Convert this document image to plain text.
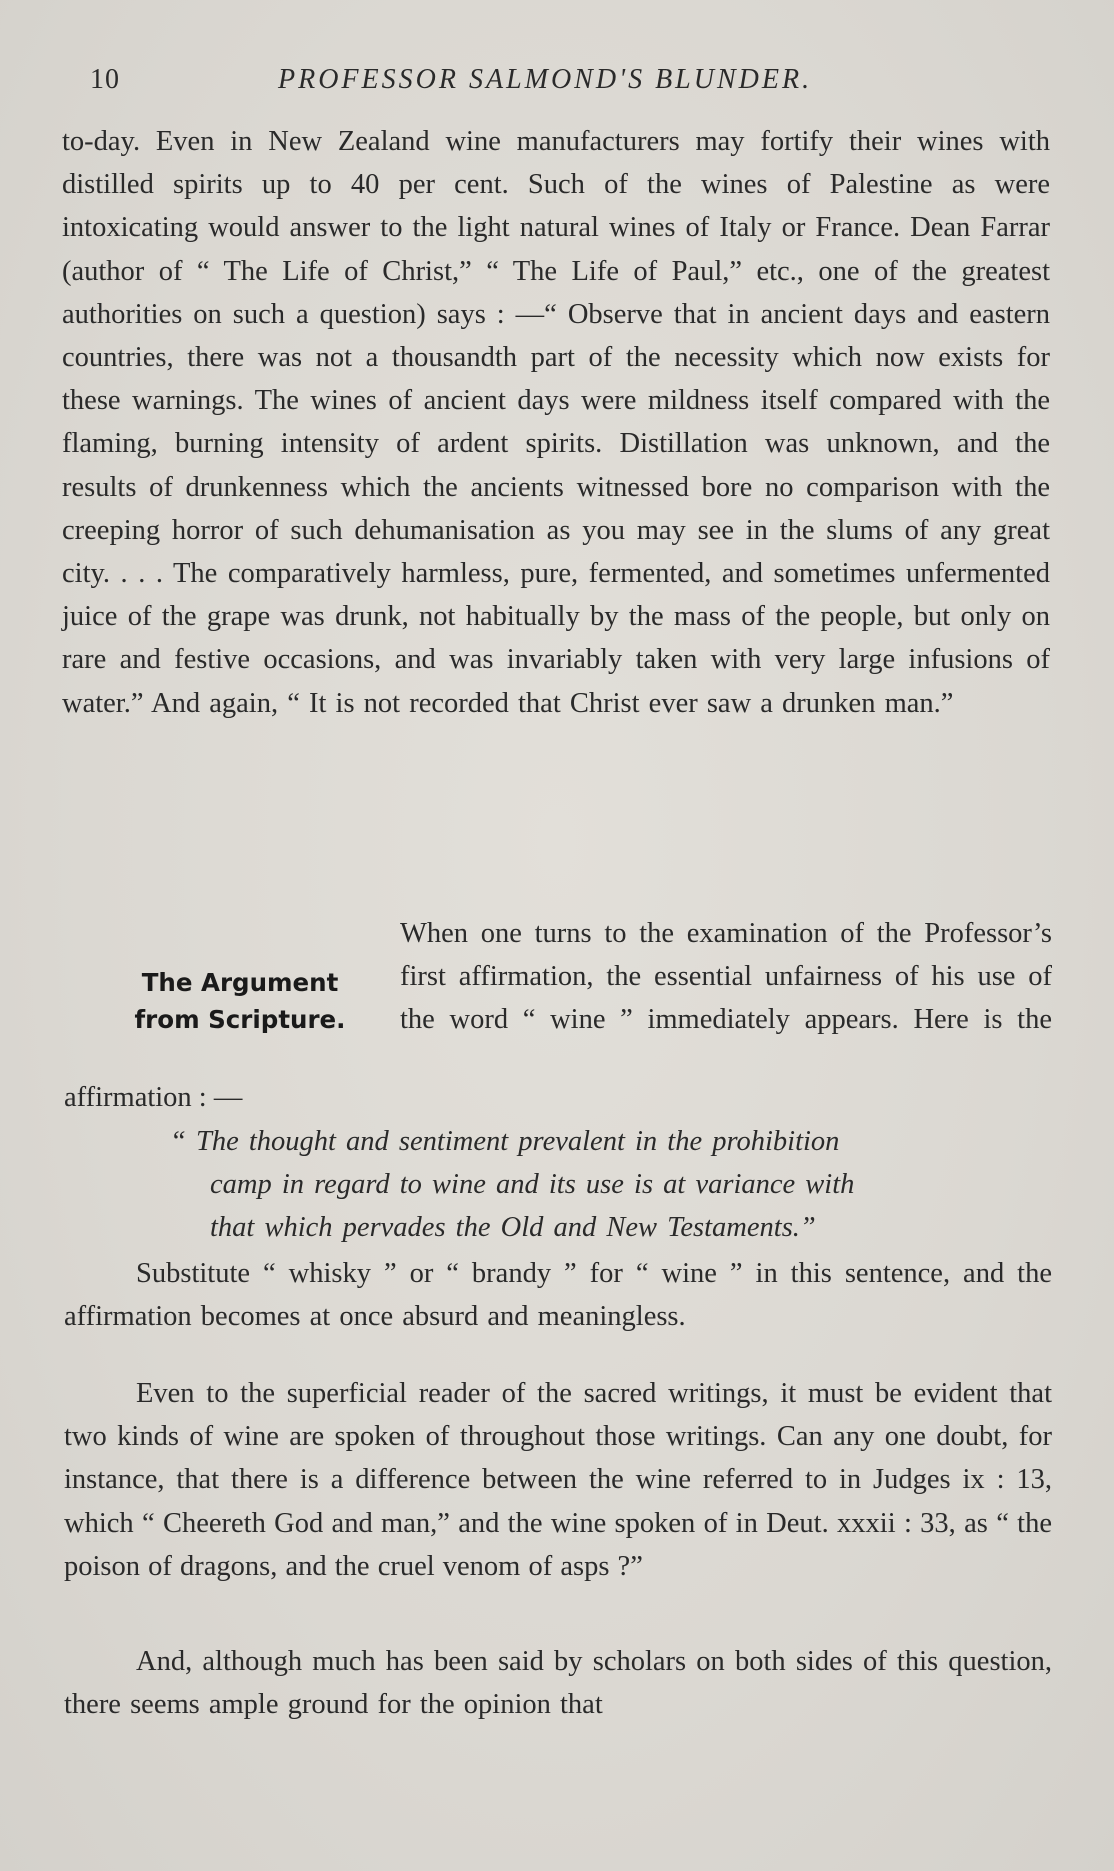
10	PROFESSOR SALMOND'S BLUNDER.

to-day. Even in New Zealand wine manufacturers may fortify their wines with distilled spirits up to 40 per cent. Such of the wines of Palestine as were intoxicating would answer to the light natural wines of Italy or France. Dean Farrar (author of “ The Life of Christ,” “ The Life of Paul,” etc., one of the greatest authorities on such a question) says : —“ Observe that in ancient days and eastern countries, there was not a thousandth part of the necessity which now exists for these warnings. The wines of ancient days were mildness itself compared with the flaming, burning intensity of ardent spirits. Distillation was unknown, and the results of drunkenness which the ancients witnessed bore no comparison with the creeping horror of such dehumanisation as you may see in the slums of any great city. . . . The comparatively harmless, pure, fermented, and sometimes unfermented juice of the grape was drunk, not habitually by the mass of the people, but only on rare and festive occasions, and was invariably taken with very large infusions of water.” And again, “ It is not recorded that Christ ever saw a drunken man.”

The Argument
from Scripture.

When one turns to the examination of the Professor’s first affirmation, the essential unfairness of his use of the word “ wine ” immediately appears. Here is the

affirmation : —

“ The thought and sentiment prevalent in the prohibition
camp in regard to wine and its use is at variance with
that which pervades the Old and New Testaments.”

Substitute “ whisky ” or “ brandy ” for “ wine ” in this sentence, and the affirmation becomes at once absurd and meaningless.

Even to the superficial reader of the sacred writings, it must be evident that two kinds of wine are spoken of throughout those writings. Can any one doubt, for instance, that there is a difference between the wine referred to in Judges ix : 13, which “ Cheereth God and man,” and the wine spoken of in Deut. xxxii : 33, as “ the poison of dragons, and the cruel venom of asps ?”

And, although much has been said by scholars on both sides of this question, there seems ample ground for the opinion that
